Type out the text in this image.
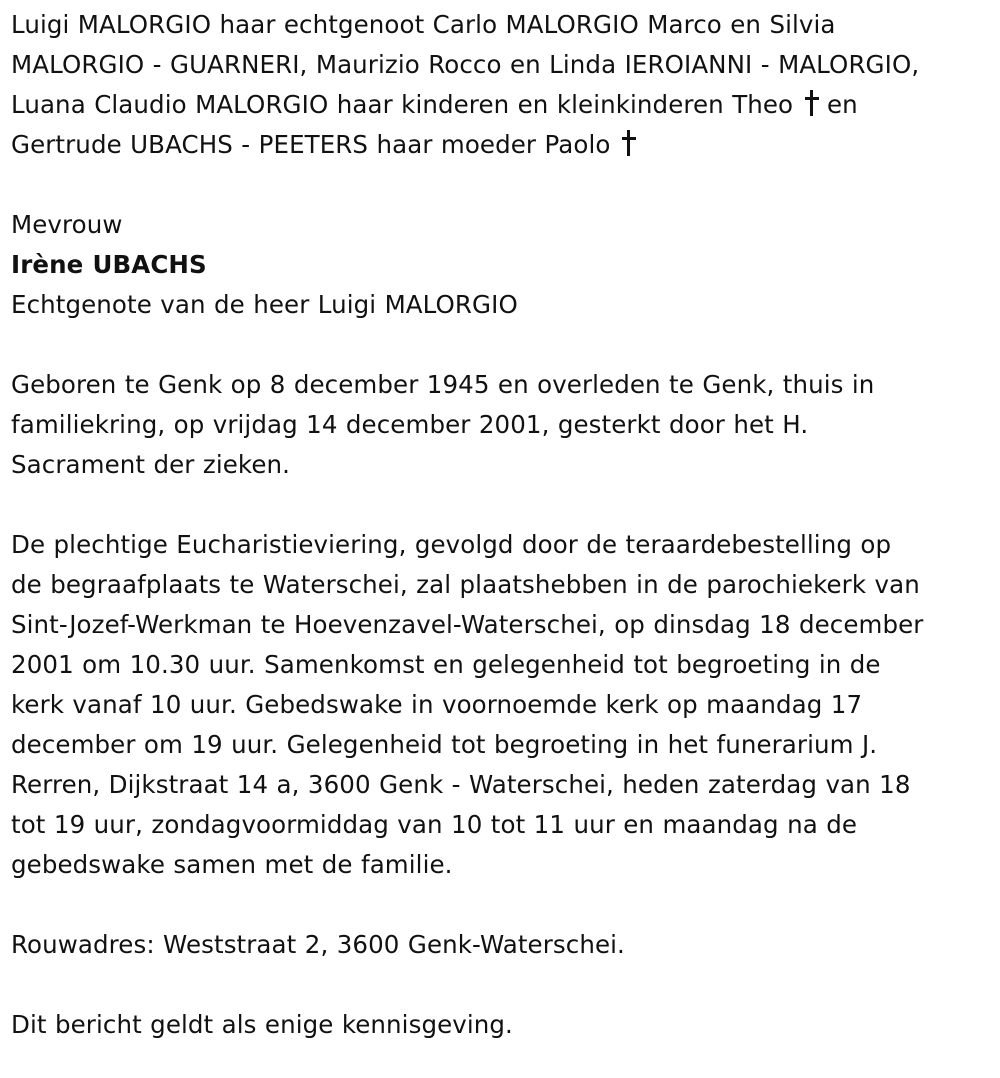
Luigi MALORGIO haar echtgenoot Carlo MALORGIO Marco en Silvia
MALORGIO - GUARNERI, Maurizio Rocco en Linda IEROIANNI - MALORGIO,
Luana Claudio MALORGIO haar kinderen en kleinkinderen Theo en
Gertrude UBACHS - PEETERS haar moeder Paolo
Mevrouw
Irène UBACHS
Echtgenote van de heer Luigi MALORGIO
Geboren te Genk op 8 december 1945 en overleden te Genk, thuis in
familiekring, op vrijdag 14 december 2001, gesterkt door het H.
Sacrament der zieken.
De plechtige Eucharistieviering, gevolgd door de teraardebestelling op
de begraafplaats te Waterschei, zal plaatshebben in de parochiekerk van
Sint-Jozef-Werkman te Hoevenzavel-Waterschei, op dinsdag 18 december
2001 om 10.30 uur. Samenkomst en gelegenheid tot begroeting in de
kerk vanaf 10 uur. Gebedswake in voornoemde kerk op maandag 17
december om 19 uur. Gelegenheid tot begroeting in het funerarium J.
Rerren, Dijkstraat 14 a, 3600 Genk - Waterschei, heden zaterdag van 18
tot 19 uur, zondagvoormiddag van 10 tot 11 uur en maandag na de
gebedswake samen met de familie.
Rouwadres: Weststraat 2, 3600 Genk-Waterschei.
Dit bericht geldt als enige kennisgeving.
